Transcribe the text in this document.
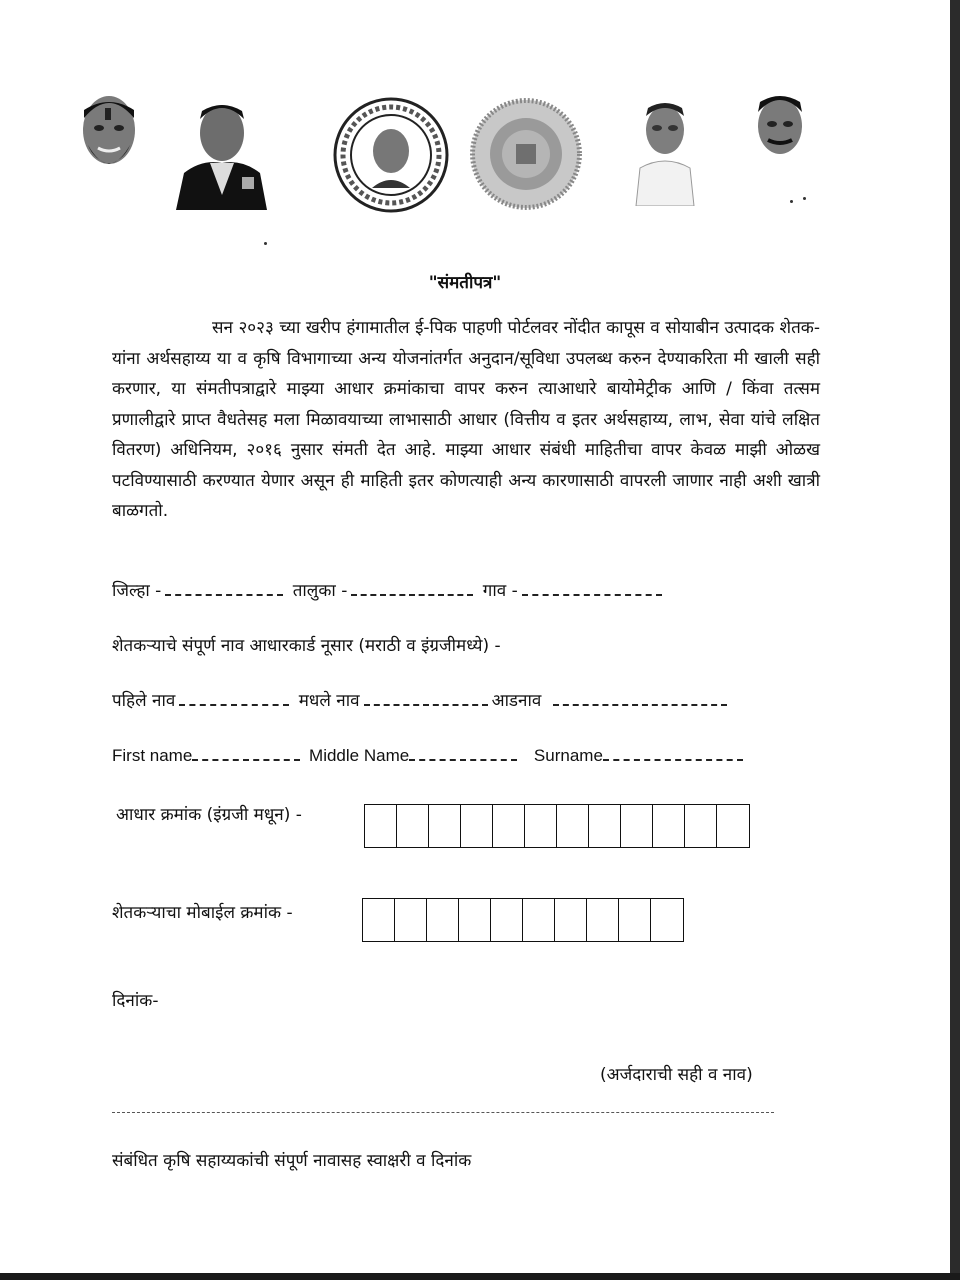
"संमतीपत्र"
सन २०२३ च्या खरीप हंगामातील ई-पिक पाहणी पोर्टलवर नोंदीत कापूस व सोयाबीन उत्पादक शेतक-यांना अर्थसहाय्य या व कृषि विभागाच्या अन्य योजनांतर्गत अनुदान/सूविधा उपलब्ध करुन देण्याकरिता मी खाली सही करणार, या संमतीपत्राद्वारे माझ्या आधार क्रमांकाचा वापर करुन त्याआधारे बायोमेट्रीक आणि / किंवा तत्सम प्रणालीद्वारे प्राप्त वैधतेसह मला मिळावयाच्या लाभासाठी आधार (वित्तीय व इतर अर्थसहाय्य, लाभ, सेवा यांचे लक्षित वितरण) अधिनियम, २०१६ नुसार संमती देत आहे. माझ्या आधार संबंधी माहितीचा वापर केवळ माझी ओळख पटविण्यासाठी करण्यात येणार असून ही माहिती इतर कोणत्याही अन्य कारणासाठी वापरली जाणार नाही अशी खात्री बाळगतो.
जिल्हा -	तालुका -	गाव -
शेतकऱ्याचे संपूर्ण नाव आधारकार्ड नूसार (मराठी व इंग्रजीमध्ये) -
पहिले नाव	मधले नाव	आडनाव
First name	Middle Name	Surname
आधार क्रमांक (इंग्रजी मधून) -
शेतकऱ्याचा मोबाईल क्रमांक -
दिनांक-
(अर्जदाराची सही व नाव)
संबंधित कृषि सहाय्यकांची संपूर्ण नावासह स्वाक्षरी व दिनांक
